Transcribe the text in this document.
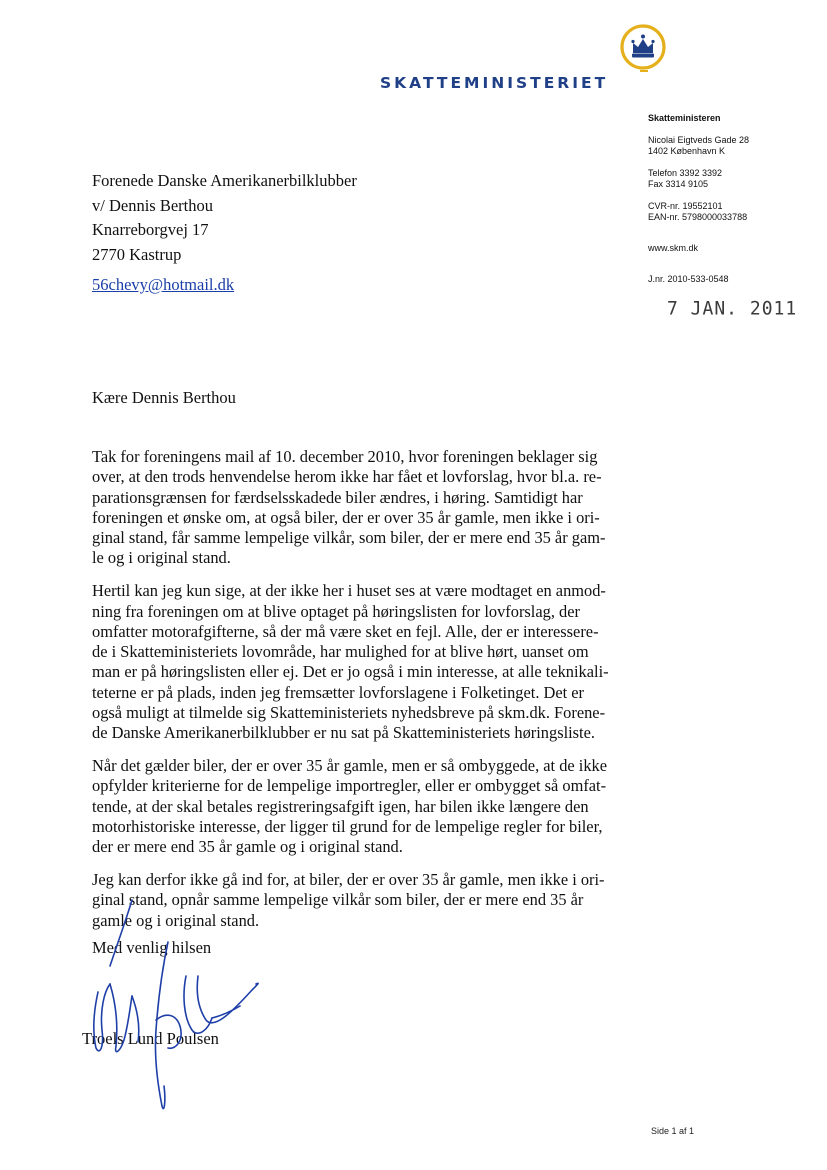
SKATTEMINISTERIET
Skatteministeren
Nicolai Eigtveds Gade 28
1402 København K
Telefon 3392 3392
Fax 3314 9105
CVR-nr. 19552101
EAN-nr. 5798000033788
www.skm.dk
J.nr. 2010-533-0548
7 JAN. 2011
Forenede Danske Amerikanerbilklubber
v/ Dennis Berthou
Knarreborgvej 17
2770 Kastrup
56chevy@hotmail.dk
Kære Dennis Berthou

Tak for foreningens mail af 10. december 2010, hvor foreningen beklager sig
over, at den trods henvendelse herom ikke har fået et lovforslag, hvor bl.a. re-
parationsgrænsen for færdselsskadede biler ændres, i høring. Samtidigt har
foreningen et ønske om, at også biler, der er over 35 år gamle, men ikke i ori-
ginal stand, får samme lempelige vilkår, som biler, der er mere end 35 år gam-
le og i original stand.

Hertil kan jeg kun sige, at der ikke her i huset ses at være modtaget en anmod-
ning fra foreningen om at blive optaget på høringslisten for lovforslag, der
omfatter motorafgifterne, så der må være sket en fejl. Alle, der er interessere-
de i Skatteministeriets lovområde, har mulighed for at blive hørt, uanset om
man er på høringslisten eller ej. Det er jo også i min interesse, at alle teknikali-
teterne er på plads, inden jeg fremsætter lovforslagene i Folketinget. Det er
også muligt at tilmelde sig Skatteministeriets nyhedsbreve på skm.dk. Forene-
de Danske Amerikanerbilklubber er nu sat på Skatteministeriets høringsliste.

Når det gælder biler, der er over 35 år gamle, men er så ombyggede, at de ikke
opfylder kriterierne for de lempelige importregler, eller er ombygget så omfat-
tende, at der skal betales registreringsafgift igen, har bilen ikke længere den
motorhistoriske interesse, der ligger til grund for de lempelige regler for biler,
der er mere end 35 år gamle og i original stand.

Jeg kan derfor ikke gå ind for, at biler, der er over 35 år gamle, men ikke i ori-
ginal stand, opnår samme lempelige vilkår som biler, der er mere end 35 år
gamle og i original stand.

Med venlig hilsen
Troels Lund Poulsen
Side 1 af 1
